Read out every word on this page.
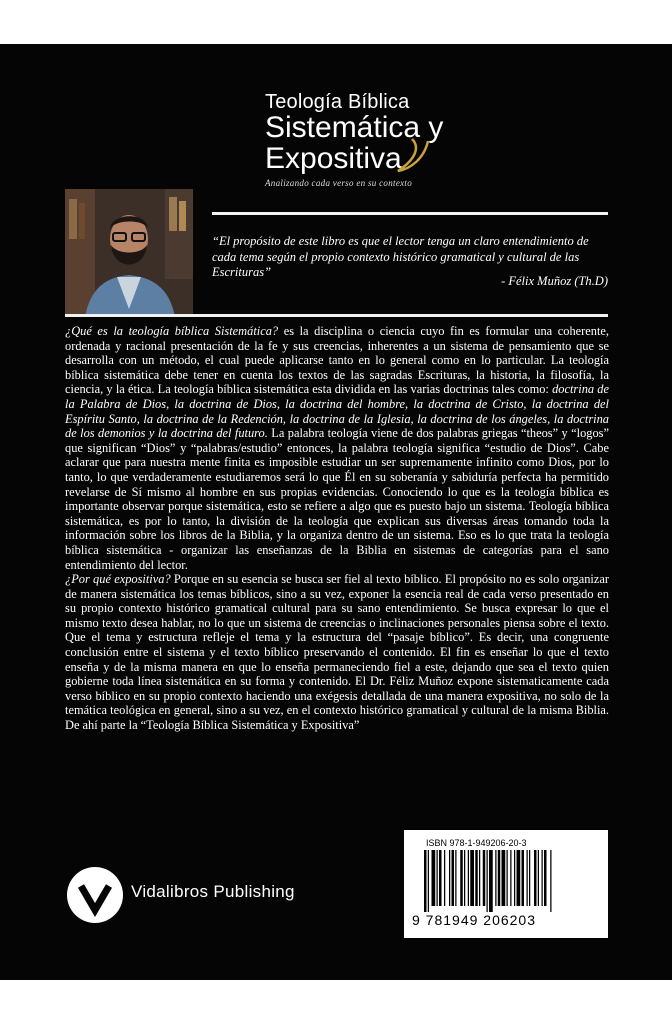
Teología Bíblica
Sistemática y
Expositiva
Analizando cada verso en su contexto
“El propósito de este libro es que el lector tenga un claro entendimiento de cada tema según el propio contexto histórico gramatical y cultural de las Escrituras”
- Félix Muñoz (Th.D)

¿Qué es la teología bíblica Sistemática? es la disciplina o ciencia cuyo fin es formular una coherente, ordenada y racional presentación de la fe y sus creencias, inherentes a un sistema de pensamiento que se desarrolla con un método, el cual puede aplicarse tanto en lo general como en lo particular. La teología bíblica sistemática debe tener en cuenta los textos de las sagradas Escrituras, la historia, la filosofía, la ciencia, y la ética. La teología bíblica sistemática esta dividida en las varias doctrinas tales como: doctrina de la Palabra de Dios, la doctrina de Dios, la doctrina del hombre, la doctrina de Cristo, la doctrina del Espíritu Santo, la doctrina de la Redención, la doctrina de la Iglesia, la doctrina de los ángeles, la doctrina de los demonios y la doctrina del futuro. La palabra teología viene de dos palabras griegas “theos” y “logos” que significan “Dios” y “palabras/estudio” entonces, la palabra teología significa “estudio de Dios”. Cabe aclarar que para nuestra mente finita es imposible estudiar un ser supremamente infinito como Dios, por lo tanto, lo que verdaderamente estudiaremos será lo que Él en su soberanía y sabiduría perfecta ha permitido revelarse de Sí mismo al hombre en sus propias evidencias. Conociendo lo que es la teología bíblica es importante observar porque sistemática, esto se refiere a algo que es puesto bajo un sistema. Teología bíblica sistemática, es por lo tanto, la división de la teología que explican sus diversas áreas tomando toda la información sobre los libros de la Biblia, y la organiza dentro de un sistema. Eso es lo que trata la teología bíblica sistemática - organizar las enseñanzas de la Biblia en sistemas de categorías para el sano entendimiento del lector.

¿Por qué expositiva? Porque en su esencia se busca ser fiel al texto bíblico. El propósito no es solo organizar de manera sistemática los temas bíblicos, sino a su vez, exponer la esencia real de cada verso presentado en su propio contexto histórico gramatical cultural para su sano entendimiento. Se busca expresar lo que el mismo texto desea hablar, no lo que un sistema de creencias o inclinaciones personales piensa sobre el texto. Que el tema y estructura refleje el tema y la estructura del “pasaje bíblico”. Es decir, una congruente conclusión entre el sistema y el texto bíblico preservando el contenido. El fin es enseñar lo que el texto enseña y de la misma manera en que lo enseña permaneciendo fiel a este, dejando que sea el texto quien gobierne toda línea sistemática en su forma y contenido. El Dr. Féliz Muñoz expone sistematicamente cada verso bíblico en su propio contexto haciendo una exégesis detallada de una manera expositiva, no solo de la temática teológica en general, sino a su vez, en el contexto histórico gramatical y cultural de la misma Biblia. De ahí parte la “Teología Bíblica Sistemática y Expositiva”

Vidalibros Publishing
ISBN 978-1-949206-20-3
9 781949 206203
